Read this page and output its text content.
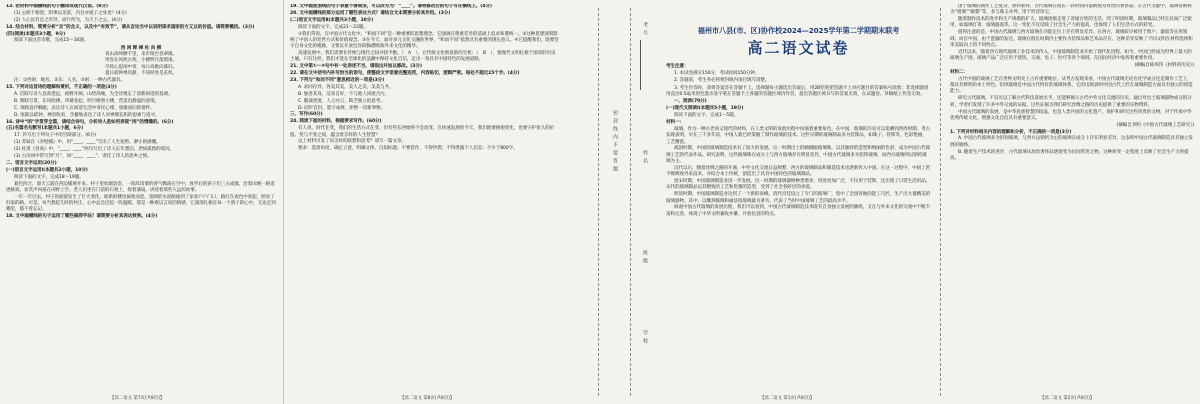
13. 把材料中画横线的句子翻译成现代汉语。(8分)

(1) 公侯不相望，阴事以见富，内吾亦爱子之身也？(4分)

(2) 人心汝有宜之有异，而行所为，为天下之公。(4分)

14. 结合材料，简要分析“言”的含义，以及中“有效节”，请从言论当中以说明谋求国家的方又以的价值。请简要概括。(3分)

(四)阅读(本题共3小题，9分)

阅读下面这首诗歌，完成15～16题。

西 闲 释 禅 杜 向 柳
青山高峙横千里，来步阳台登翠微。
帘卷东风吹古苑，小楼明月落窗扉。
尽将心思闲中寄，每日高歌向暮归。
夏日疏钟禅房静，不知何处是玄机。

注：①西闲：地名。②东：人名。③闲：一种古代器具。

15. 下列对这首诗的理解和赏析，不正确的一项是(3分)

A. 首联写诗人登高望远，视野开阔，山势高峻，为全诗奠定了清新闲适的基调。

B. 颔联写景，东风吹拂，帘幕卷起，明月映照小楼，营造出静谧的意境。

C. 颈联直抒胸臆，表达诗人在闲适生活中寄托心绪、放歌而归的情怀。

D. 尾联以疏钟、禅房收束，含蓄地表达了诗人对禅理玄机的思索与追寻。

16. 诗中“闲”字贯穿全篇，请结合诗句，分析诗人是如何表现“闲”的情趣的。(6分)

(五)名篇名句默写(本题共1小题，6分)

17. 补写出下列句子中的空缺部分。(6分)

(1) 苏轼在《赤壁赋》中，用“____，____”写出了人生短暂、渺小的感慨。

(2) 杜甫《登高》中，“____，____”两句写出了诗人长年漂泊、老病孤愁的境况。

(3) 古诗词中常写到“月”，如“____，____”，寄托了诗人的思乡之情。

二、语言文字运用(20分)

(一)语言文字运用Ⅰ(本题共2小题，10分)

阅读下面的文字，完成18～19题。

暮色四合，漫天云霞在西边铺展开来。村子里炊烟袅袅，一阵阵饭菜的香气飘荡在空中。放学后的孩子们三五成群，沿着田埂一路追逐嬉戏，欢笑声回荡在田野上空。老人们坐在门前的石凳上，摇着蒲扇，讲述着那些久远的故事。

一年一年过去，村子的面貌发生了巨大变化。崭新的楼房拔地而起，宽阔的水泥路通到了家家户户门口，路灯在夜色中亮起，照亮了归家的路。可是，每当想起儿时的村庄，心中总会泛起一阵温暖。那是一种难以言说的情感，它深深扎根在每一个游子的心中，无论走到哪里，都不曾忘记。

18. 文中画横线的句子运用了哪些修辞手法？请简要分析其表达效果。(4分)

【高二语文 第7页(共8页)】

19. 文中画波浪线的句子表意不够简洁，可以改写为：“____”。请将修改后的句子写在横线上。(4分)

20. 文中画横线的部分运用了哪些表达方式？请结合文本简要分析其作用。(3分)

(二)语言文字运用Ⅱ(本题共3小题，10分)

阅读下面的文字，完成21～23题。

①我们常说，在中国古代文化中，“和而不同”是一种重要的思想理念。它强调在尊重差异的基础上追求和谐统一。②这种思想深刻影响了中国人的处世方式和价值观念。③在今天，面对多元文化交融的世界，“和而不同”依然具有重要的现实意义。④它提醒我们，既要坚守自身文化的根脉，又要以开放包容的胸襟吸收外来文化的精华。

高速发展中，我们需要在传统与现代之间寻找平衡。（　A　），让传统文化焕发新的生机；（　B　），使现代文明扎根于深厚的历史土壤。只有这样，我们才能在全球化的浪潮中保持文化自信，走出一条具有中国特色的发展道路。

21. 文中第①～④句中有一处表述不当，请指出并加以修改。(3分)

22. 请在文中括号内补写恰当的语句，使整段文字语意完整连贯，内容贴切，逻辑严密。每处不超过15个字。(4分)

23. 下列与“和而不同”意思相近的一项是(3分)

A. 求同存异，各美其美，美人之美，美美与共。

B. 独善其身，洁身自好，不与他人同流合污。

C. 随波逐流，人云亦云，缺乏独立的思考。

D. 固步自封，墨守成规，拒绝一切新事物。

三、写作(60分)

24. 阅读下面的材料，根据要求写作。(60分)

有人说，时代在变，我们的生活方式在变，但有些东西始终不会改变。在快速发展的今天，我们既要拥抱变化，也要守护恒久的价值。变与不变之间，蕴含着怎样的人生智慧？

以上材料引发了你怎样的联想和思考？请写一篇文章。

要求：选准角度，确定立意，明确文体，自拟标题；不要套作，不得抄袭；不得泄露个人信息；不少于800字。

【高二语文 第8页(共8页)】
密封线内不要答题
考号
姓名
班级
学校
福州市八县(市、区)协作校2024—2025学年第二学期期末联考
高二语文试卷

考生注意：

1. 本试卷满分150分，考试时间150分钟。

2. 答题前，考生务必将密封线内项目填写清楚。

3. 考生作答时，请将答案答在答题卡上。选择题每小题选出答案后，用2B铅笔把答题卡上对应题目的答案标号涂黑；非选择题请用直径0.5毫米黑色墨水签字笔在答题卡上各题的答题区域内作答，超出答题区域书写的答案无效，在试题卷、草稿纸上作答无效。

一、阅读(70分)

(一)现代文阅读Ⅰ(本题共5小题，19分)

阅读下面的文字，完成1～5题。

材料一：

玻璃，作为一种古老而又现代的材料，在人类文明的发展历程中扮演着重要角色。在中国，玻璃的历史可以追溯到西周时期。考古发现表明，早在三千多年前，中国人就已经掌握了制作玻璃的技术。这些早期的玻璃制品多为装饰品，如珠子、管饰等，色彩艳丽，工艺精湛。

战国时期，中国的玻璃制造技术有了较大的发展。这一时期出土的蜻蜓眼玻璃珠，以其独特的造型和绚丽的色彩，成为中国古代玻璃工艺的代表作品。研究表明，这些玻璃珠在成分上与西方玻璃存在明显差异，中国古代玻璃多为铅钡玻璃，而西方玻璃则以钠钙玻璃为主。

汉代以后，随着丝绸之路的开通，中外文化交流日益频繁，西方的玻璃制品和制造技术也逐渐传入中国。在这一过程中，中国工匠不断吸收外来技术，并结合本土传统，创造出了具有中国特色的玻璃制品。

唐宋时期，中国玻璃制造业进一步发展。这一时期的玻璃器物种类增多，用途更加广泛，不仅用于装饰，还出现了日常生活用品。宋代的玻璃制品以其精致的工艺和优雅的造型，受到了社会各阶层的喜爱。

明清时期，中国玻璃制造业达到了一个新的高峰。清代宫廷设立了专门的玻璃厂，集中了全国各地的能工巧匠，生产出大量精美的玻璃器物。其中，以雕刻玻璃和画珐琅玻璃最为著名，代表了当时中国玻璃工艺的最高水平。

纵观中国古代玻璃的发展历程，我们可以看到，中国古代玻璃制造技术既有自身独立发展的脉络，又在与外来文化的交流中不断丰富和完善，体现了中华文明兼收并蓄、开放包容的特点。

【高二语文 第1页(共8页)】

由于玻璃的制作工艺复杂，原料难得，古代玻璃在很长一段时间内都被视为珍贵的奢侈品。在古代文献中，玻璃常被称为“琉璃”“颇黎”等，多与珠玉并列，用于形容珍宝。

随着制作技术的进步和生产规模的扩大，玻璃逐渐走进了普通百姓的生活。到了明清时期，玻璃制品已经在民间广泛使用，如玻璃灯罩、玻璃器皿等。这一变化不仅反映了社会生产力的提高，也体现了人们生活方式的转变。

值得注意的是，中国古代玻璃与西方玻璃在功能定位上存在明显差异。在西方，玻璃较早被用于窗户、器皿等实用领域；而在中国，由于瓷器的发达，玻璃在很长时期内主要作为装饰品和艺术品存在。这种差异反映了不同文明在材料选择和审美取向上的不同特点。

近代以来，随着西方现代玻璃工业技术的传入，中国玻璃制造业开始了现代化进程。如今，中国已经成为世界上最大的玻璃生产国，玻璃产品广泛应用于建筑、交通、电子、医疗等各个领域，在国民经济中发挥着重要作用。

(摘编自韩凤伟《材料的历史》)

材料二：

古代中国的玻璃工艺在世界文明史上占有重要地位。从考古发现来看，中国古代玻璃无论在化学成分还是制作工艺上，都具有鲜明的本土特色。铅钡玻璃是中国古代特有的玻璃体系，它的出现表明中国古代工匠在玻璃制造方面具有独立的创造能力。

研究古代玻璃，不仅可以了解古代科技发展水平，还能够揭示古代中外文化交流的历史。通过对出土玻璃器物成分的分析，学者们发现了许多中外交流的证据，这些证据为我们研究丝绸之路的历史提供了重要的实物资料。

中国古代玻璃的发展，是中华民族智慧的结晶，也是人类共同的文化遗产。保护和研究这些珍贵的文物，对于传承中华优秀传统文化、增强文化自信具有重要意义。

(摘编自李明《中国古代玻璃工艺研究》)

1. 下列对材料相关内容的理解和分析，不正确的一项是(3分)

A. 中国古代玻璃多为铅钡玻璃，与西方以钠钙为主的玻璃在成分上存在明显差异，这表明中国古代玻璃制造具有独立发展的脉络。

B. 随着生产技术的进步，古代玻璃从珍贵奢侈品逐渐变为民间常用之物，这种转变一定程度上反映了社会生产力的提高。

【高二语文 第2页(共8页)】
